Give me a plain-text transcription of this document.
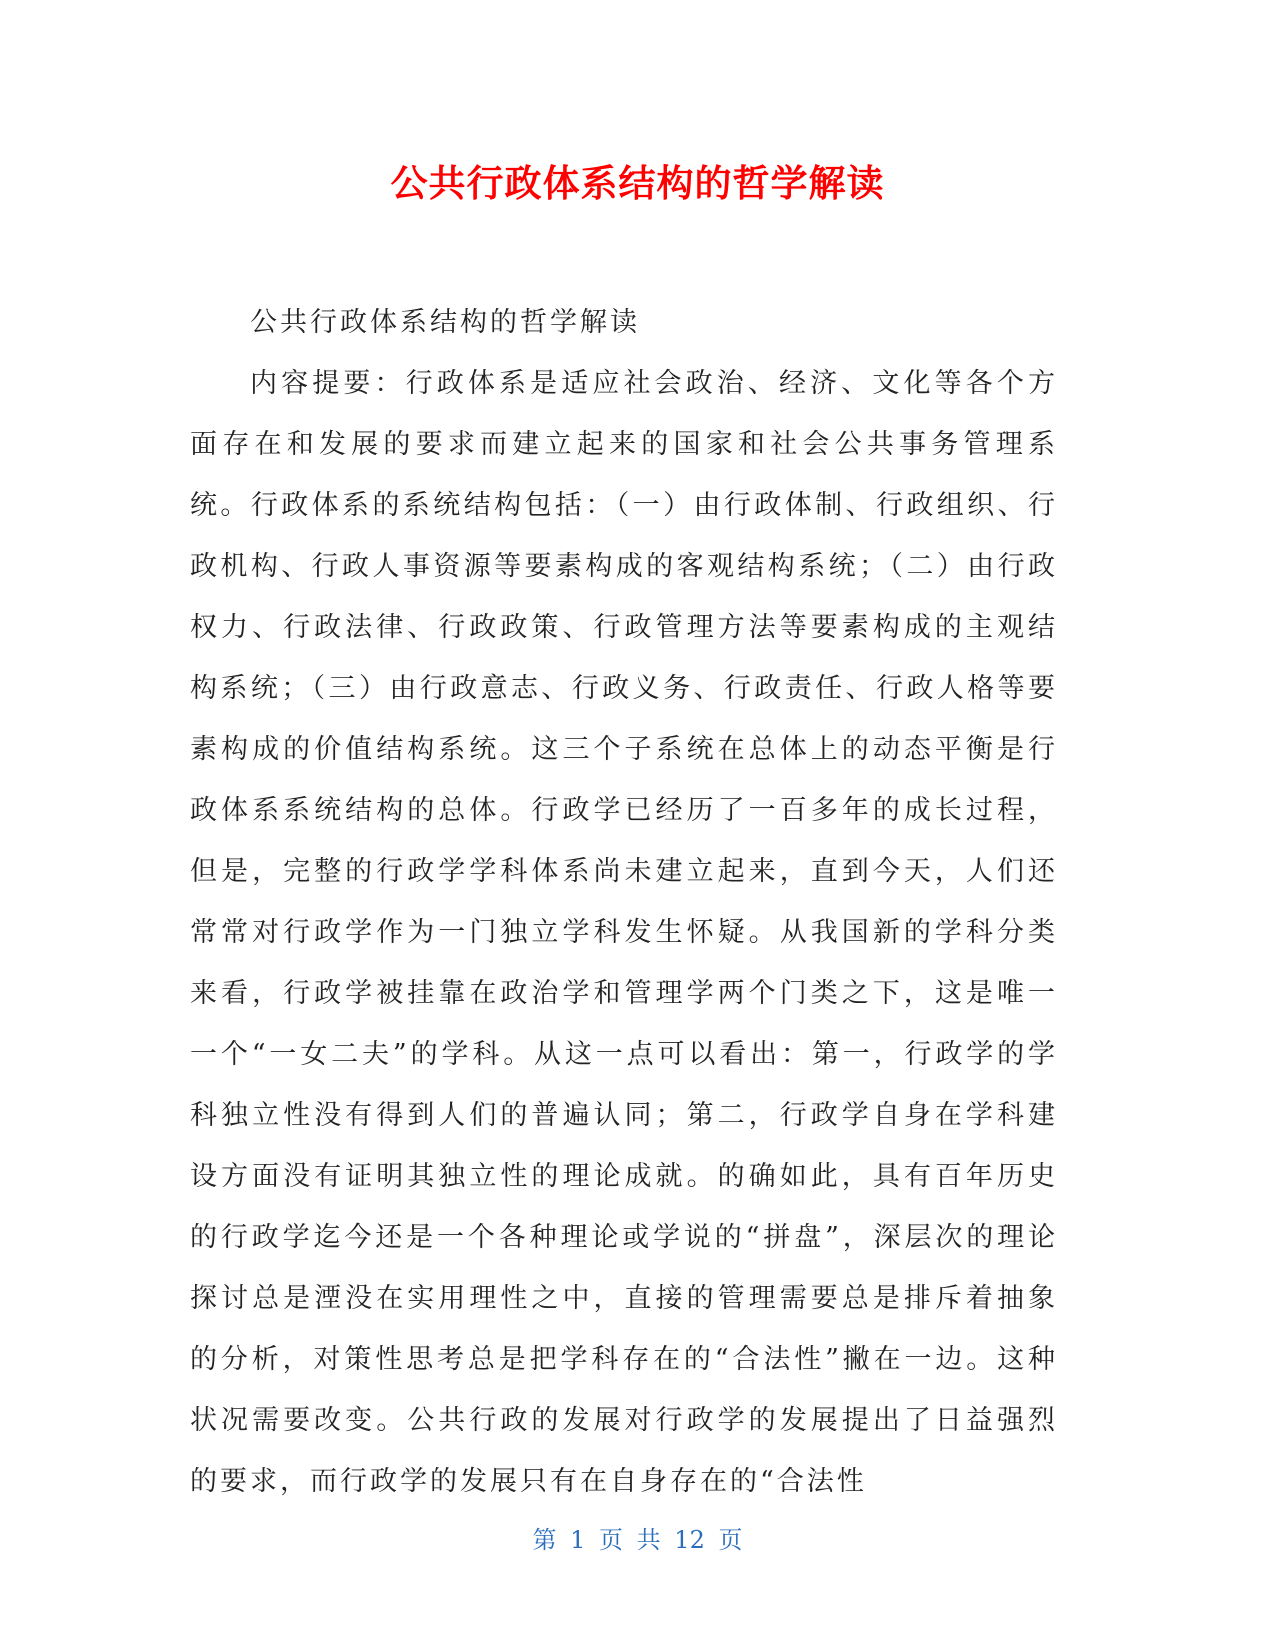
公共行政体系结构的哲学解读

公共行政体系结构的哲学解读

内容提要：行政体系是适应社会政治、经济、文化等各个方面存在和发展的要求而建立起来的国家和社会公共事务管理系统。行政体系的系统结构包括：（一）由行政体制、行政组织、行政机构、行政人事资源等要素构成的客观结构系统；（二）由行政权力、行政法律、行政政策、行政管理方法等要素构成的主观结构系统；（三）由行政意志、行政义务、行政责任、行政人格等要素构成的价值结构系统。这三个子系统在总体上的动态平衡是行政体系系统结构的总体。行政学已经历了一百多年的成长过程，但是，完整的行政学学科体系尚未建立起来，直到今天，人们还常常对行政学作为一门独立学科发生怀疑。从我国新的学科分类来看，行政学被挂靠在政治学和管理学两个门类之下，这是唯一一个“一女二夫”的学科。从这一点可以看出：第一，行政学的学科独立性没有得到人们的普遍认同；第二，行政学自身在学科建设方面没有证明其独立性的理论成就。的确如此，具有百年历史的行政学迄今还是一个各种理论或学说的“拼盘”，深层次的理论探讨总是湮没在实用理性之中，直接的管理需要总是排斥着抽象的分析，对策性思考总是把学科存在的“合法性”撇在一边。这种状况需要改变。公共行政的发展对行政学的发展提出了日益强烈的要求，而行政学的发展只有在自身存在的“合法性

第 1 页 共 12 页
